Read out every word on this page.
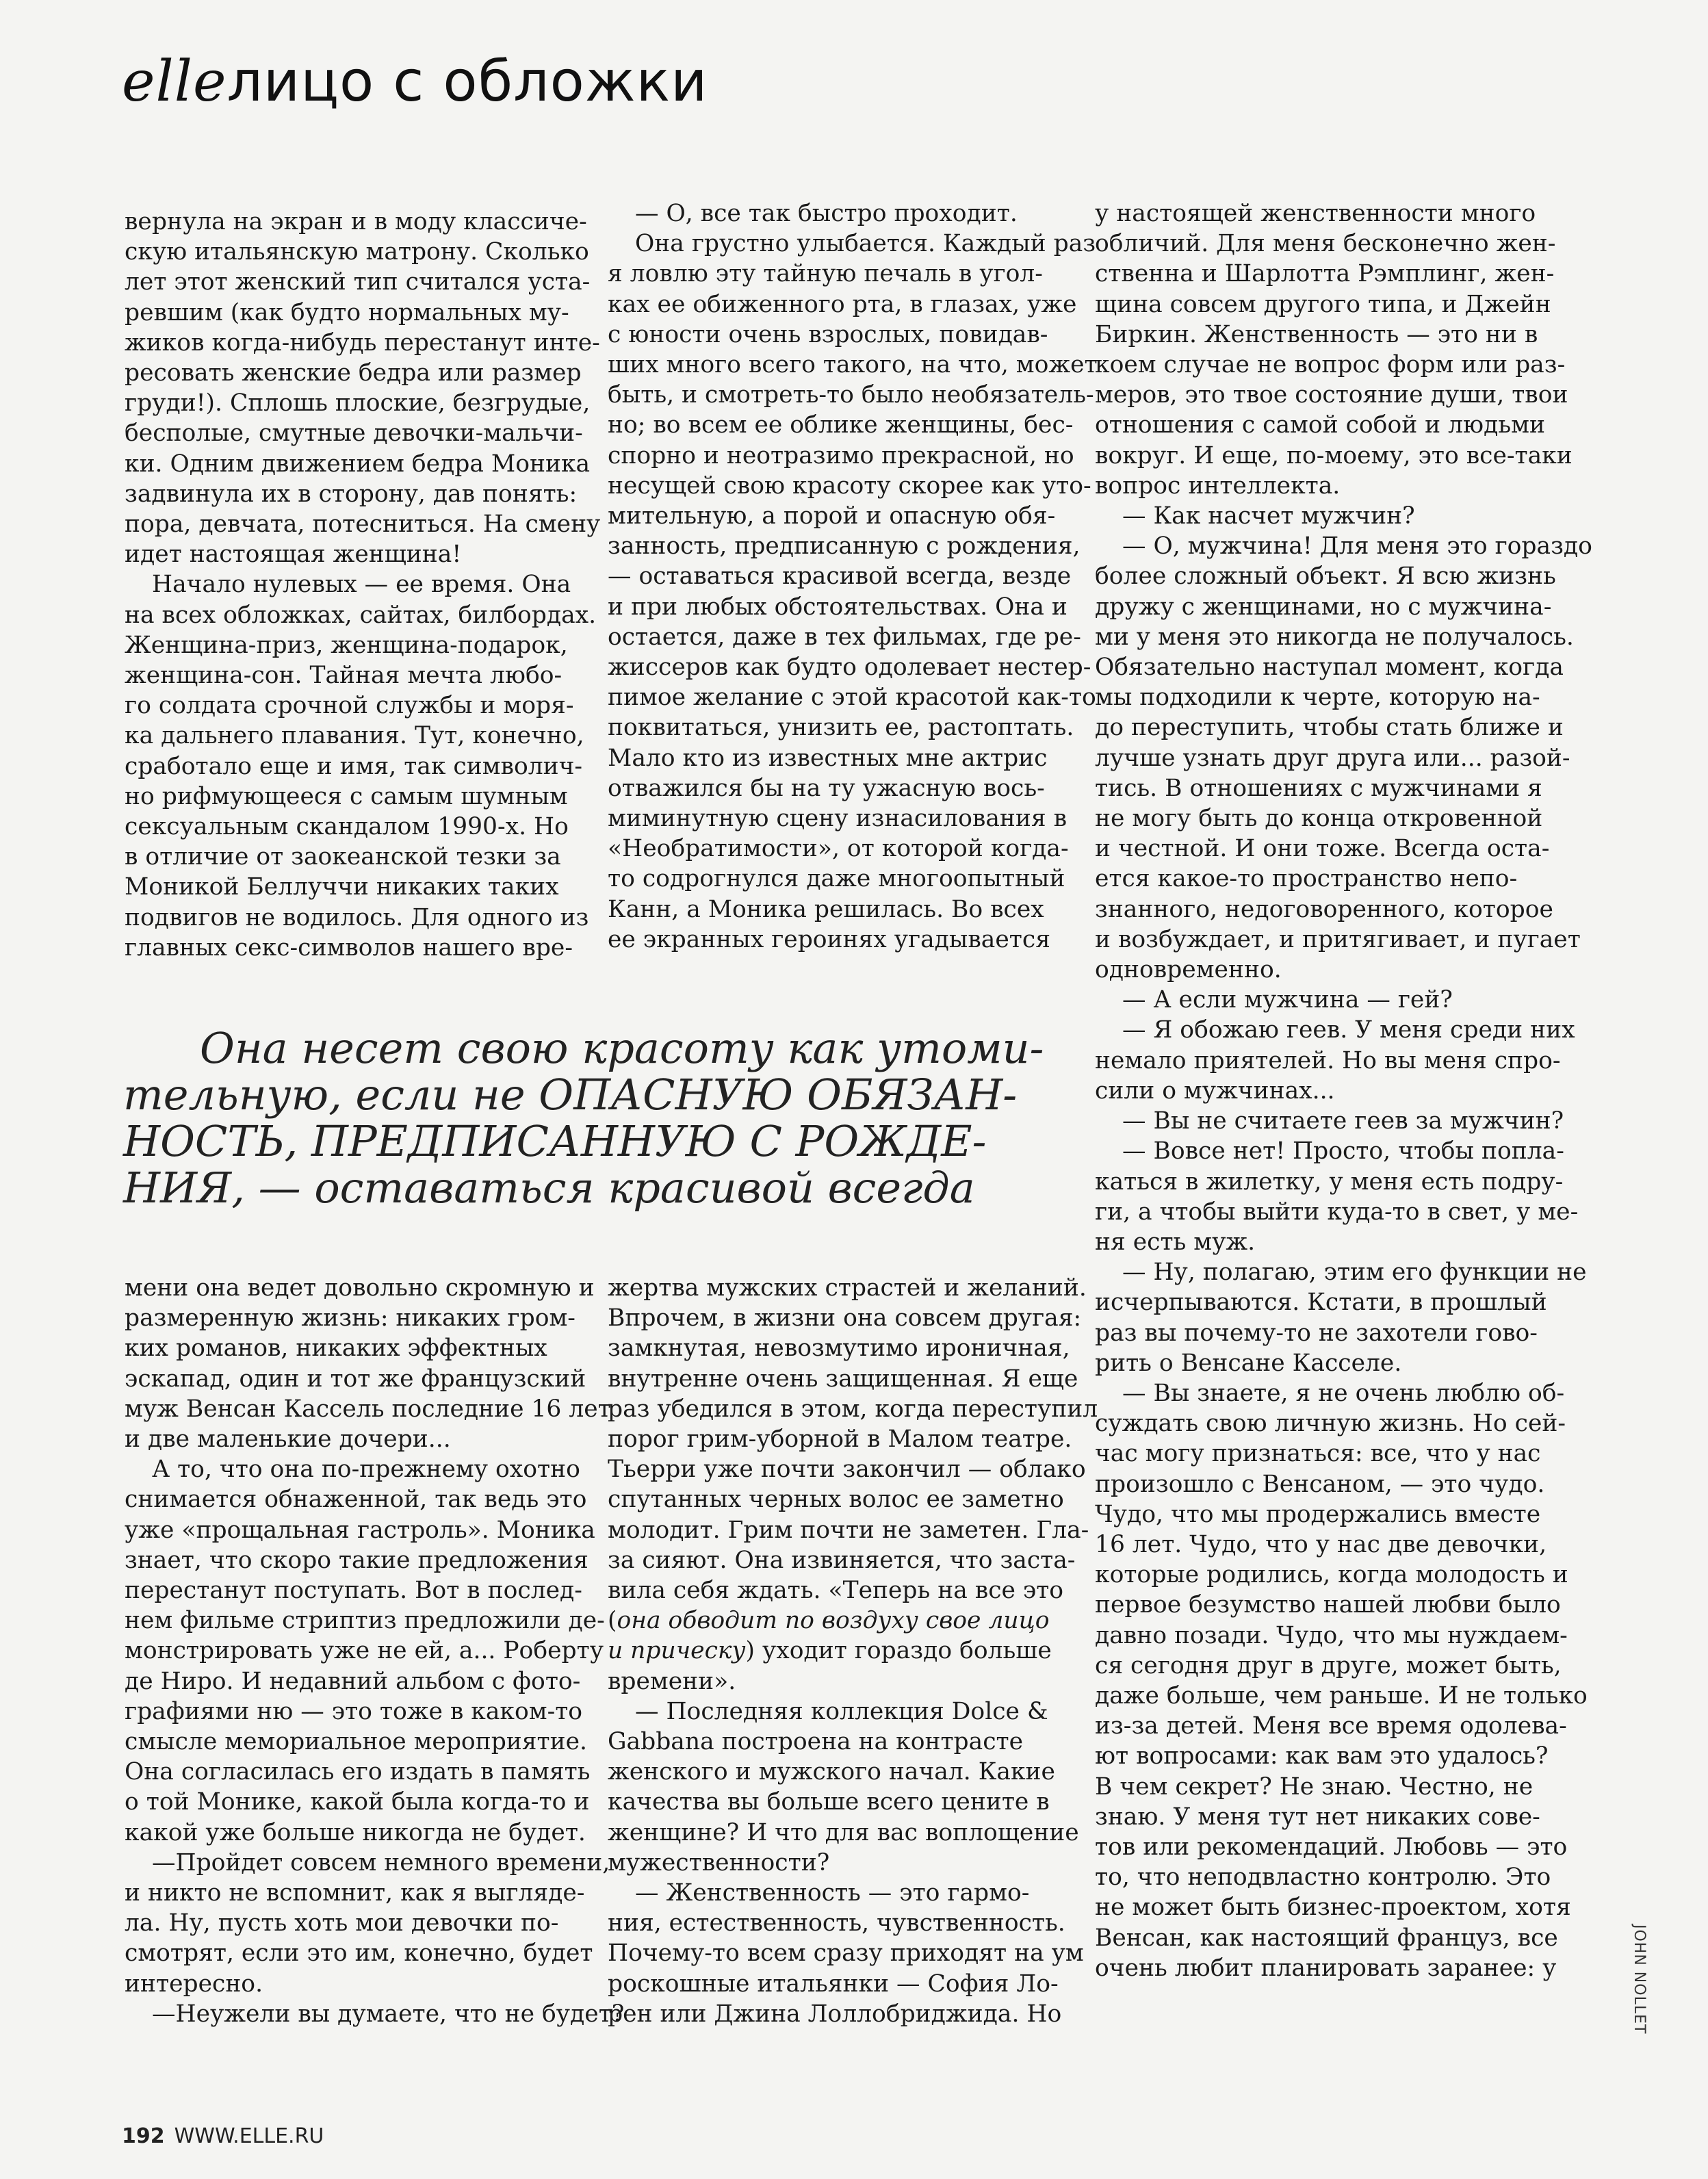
elleлицо с обложки
вернула на экран и в моду классиче-
скую итальянскую матрону. Сколько
лет этот женский тип считался уста-
ревшим (как будто нормальных му-
жиков когда-нибудь перестанут инте-
ресовать женские бедра или размер
груди!). Сплошь плоские, безгрудые,
бесполые, смутные девочки-мальчи-
ки. Одним движением бедра Моника
задвинула их в сторону, дав понять:
пора, девчата, потесниться. На смену
идет настоящая женщина!
Начало нулевых — ее время. Она
на всех обложках, сайтах, билбордах.
Женщина-приз, женщина-подарок,
женщина-сон. Тайная мечта любо-
го солдата срочной службы и моря-
ка дальнего плавания. Тут, конечно,
сработало еще и имя, так символич-
но рифмующееся с самым шумным
сексуальным скандалом 1990-х. Но
в отличие от заокеанской тезки за
Моникой Беллуччи никаких таких
подвигов не водилось. Для одного из
главных секс-символов нашего вре-
— О, все так быстро проходит.
Она грустно улыбается. Каждый раз
я ловлю эту тайную печаль в угол-
ках ее обиженного рта, в глазах, уже
с юности очень взрослых, повидав-
ших много всего такого, на что, может
быть, и смотреть-то было необязатель-
но; во всем ее облике женщины, бес-
спорно и неотразимо прекрасной, но
несущей свою красоту скорее как уто-
мительную, а порой и опасную обя-
занность, предписанную с рождения,
— оставаться красивой всегда, везде
и при любых обстоятельствах. Она и
остается, даже в тех фильмах, где ре-
жиссеров как будто одолевает нестер-
пимое желание с этой красотой как-то
поквитаться, унизить ее, растоптать.
Мало кто из известных мне актрис
отважился бы на ту ужасную вось-
миминутную сцену изнасилования в
«Необратимости», от которой когда-
то содрогнулся даже многоопытный
Канн, а Моника решилась. Во всех
ее экранных героинях угадывается
у настоящей женственности много
обличий. Для меня бесконечно жен-
ственна и Шарлотта Рэмплинг, жен-
щина совсем другого типа, и Джейн
Биркин. Женственность — это ни в
коем случае не вопрос форм или раз-
меров, это твое состояние души, твои
отношения с самой собой и людьми
вокруг. И еще, по-моему, это все-таки
вопрос интеллекта.
— Как насчет мужчин?
— О, мужчина! Для меня это гораздо
более сложный объект. Я всю жизнь
дружу с женщинами, но с мужчина-
ми у меня это никогда не получалось.
Обязательно наступал момент, когда
мы подходили к черте, которую на-
до переступить, чтобы стать ближе и
лучше узнать друг друга или... разой-
тись. В отношениях с мужчинами я
не могу быть до конца откровенной
и честной. И они тоже. Всегда оста-
ется какое-то пространство непо-
знанного, недоговоренного, которое
и возбуждает, и притягивает, и пугает
одновременно.
— А если мужчина — гей?
— Я обожаю геев. У меня среди них
немало приятелей. Но вы меня спро-
сили о мужчинах...
— Вы не считаете геев за мужчин?
— Вовсе нет! Просто, чтобы попла-
каться в жилетку, у меня есть подру-
ги, а чтобы выйти куда-то в свет, у ме-
ня есть муж.
— Ну, полагаю, этим его функции не
исчерпываются. Кстати, в прошлый
раз вы почему-то не захотели гово-
рить о Венсане Касселе.
— Вы знаете, я не очень люблю об-
суждать свою личную жизнь. Но сей-
час могу признаться: все, что у нас
произошло с Венсаном, — это чудо.
Чудо, что мы продержались вместе
16 лет. Чудо, что у нас две девочки,
которые родились, когда молодость и
первое безумство нашей любви было
давно позади. Чудо, что мы нуждаем-
ся сегодня друг в друге, может быть,
даже больше, чем раньше. И не только
из-за детей. Меня все время одолева-
ют вопросами: как вам это удалось?
В чем секрет? Не знаю. Честно, не
знаю. У меня тут нет никаких сове-
тов или рекомендаций. Любовь — это
то, что неподвластно контролю. Это
не может быть бизнес-проектом, хотя
Венсан, как настоящий француз, все
очень любит планировать заранее: у
Она несет свою красоту как утоми-
тельную, если не ОПАСНУЮ ОБЯЗАН-
НОСТЬ, ПРЕДПИСАННУЮ С РОЖДЕ-
НИЯ, — оставаться красивой всегда
мени она ведет довольно скромную и
размеренную жизнь: никаких гром-
ких романов, никаких эффектных
эскапад, один и тот же французский
муж Венсан Кассель последние 16 лет
и две маленькие дочери...
А то, что она по-прежнему охотно
снимается обнаженной, так ведь это
уже «прощальная гастроль». Моника
знает, что скоро такие предложения
перестанут поступать. Вот в послед-
нем фильме стриптиз предложили де-
монстрировать уже не ей, а... Роберту
де Ниро. И недавний альбом с фото-
графиями ню — это тоже в каком-то
смысле мемориальное мероприятие.
Она согласилась его издать в память
о той Монике, какой была когда-то и
какой уже больше никогда не будет.
—Пройдет совсем немного времени,
и никто не вспомнит, как я выгляде-
ла. Ну, пусть хоть мои девочки по-
смотрят, если это им, конечно, будет
интересно.
—Неужели вы думаете, что не будет?
жертва мужских страстей и желаний.
Впрочем, в жизни она совсем другая:
замкнутая, невозмутимо ироничная,
внутренне очень защищенная. Я еще
раз убедился в этом, когда переступил
порог грим-уборной в Малом театре.
Тьерри уже почти закончил — облако
спутанных черных волос ее заметно
молодит. Грим почти не заметен. Гла-
за сияют. Она извиняется, что заста-
вила себя ждать. «Теперь на все это
(она обводит по воздуху свое лицо
и прическу) уходит гораздо больше
времени».
— Последняя коллекция Dolce &
Gabbana построена на контрасте
женского и мужского начал. Какие
качества вы больше всего цените в
женщине? И что для вас воплощение
мужественности?
— Женственность — это гармо-
ния, естественность, чувственность.
Почему-то всем сразу приходят на ум
роскошные итальянки — София Ло-
рен или Джина Лоллобриджида. Но
192 WWW.ELLE.RU
JOHN NOLLET
